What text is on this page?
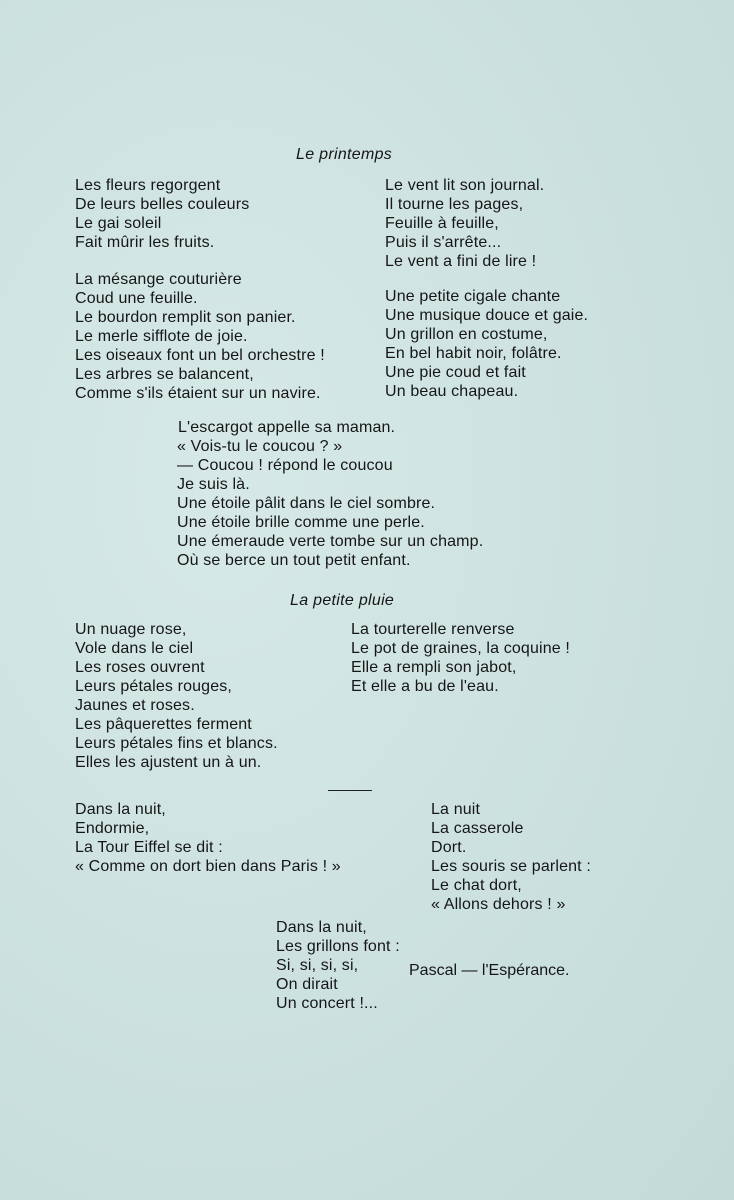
Le printemps
Les fleurs regorgent
De leurs belles couleurs
Le gai soleil
Fait mûrir les fruits.
La mésange couturière
Coud une feuille.
Le bourdon remplit son panier.
Le merle sifflote de joie.
Les oiseaux font un bel orchestre !
Les arbres se balancent,
Comme s'ils étaient sur un navire.
Le vent lit son journal.
Il tourne les pages,
Feuille à feuille,
Puis il s'arrête...
Le vent a fini de lire !
Une petite cigale chante
Une musique douce et gaie.
Un grillon en costume,
En bel habit noir, folâtre.
Une pie coud et fait
Un beau chapeau.
L'escargot appelle sa maman.
« Vois-tu le coucou ? »
— Coucou ! répond le coucou
Je suis là.
Une étoile pâlit dans le ciel sombre.
Une étoile brille comme une perle.
Une émeraude verte tombe sur un champ.
Où se berce un tout petit enfant.
La petite pluie
Un nuage rose,
Vole dans le ciel
Les roses ouvrent
Leurs pétales rouges,
Jaunes et roses.
Les pâquerettes ferment
Leurs pétales fins et blancs.
Elles les ajustent un à un.
La tourterelle renverse
Le pot de graines, la coquine !
Elle a rempli son jabot,
Et elle a bu de l'eau.
Dans la nuit,
Endormie,
La Tour Eiffel se dit :
« Comme on dort bien dans Paris ! »
La nuit
La casserole
Dort.
Les souris se parlent :
Le chat dort,
« Allons dehors ! »
Dans la nuit,
Les grillons font :
Si, si, si, si,
On dirait
Un concert !...
Pascal — l'Espérance.
